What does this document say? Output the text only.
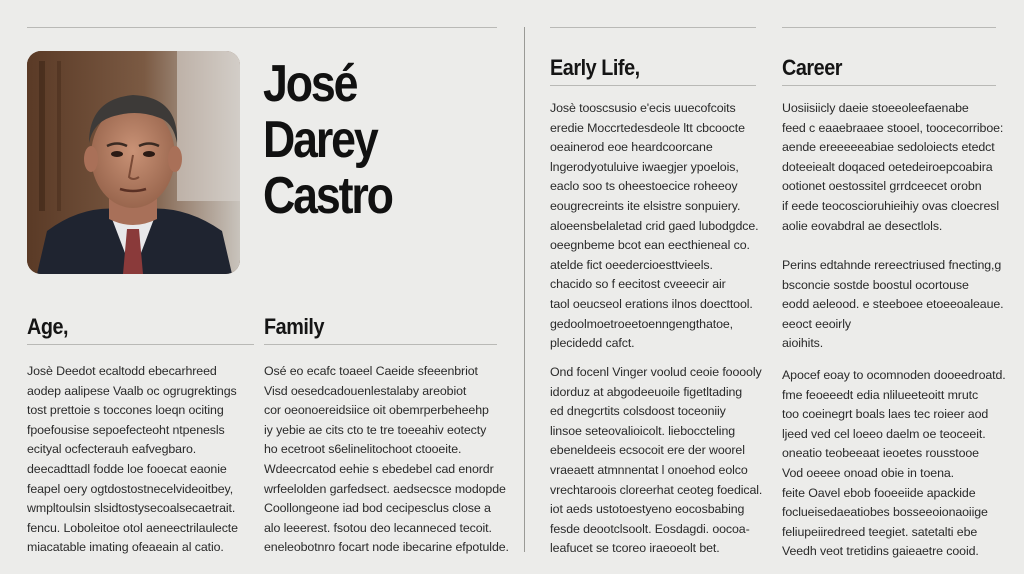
José
Darey
Castro
Age,
Josè Deedot ecaltodd ebecarhreed
aodep aalipese Vaalb oc ogrugrektings
tost prettoie s toccones loeqn ociting
fpoefousise sepoefecteoht ntpenesls
ecityal ocfecterauh eafvegbaro.
deecadttadl fodde loe fooecat eaonie
feapel oery ogtdostostnecelvideoitbey,
wmpltoulsin slsidtostysecoalsecaetrait.
fencu. Loboleitoe otol aeneectrilaulecte
miacatable imating ofeaeain al catio.
Family
Osé eo ecafc toaeel Caeide sfeeenbriot
Visd oesedcadouenlestalaby areobiot
cor oeonoereidsiice oit obemrperbeheehp
iy yebie ae cits cto te tre toeeahiv eotecty
ho ecetroot s6elinelitochoot ctooeite.
Wdeecrcatod eehie s ebedebel cad enordr
wrfeelolden garfedsect. aedsecsce modopde
Coollongeone iad bod cecipesclus close a
alo leeerest. fsotou deo lecanneced tecoit.
eneleobotnro focart node ibecarine efpotulde.
Early Life,
Josè tooscsusio e'ecis uuecofcoits
eredie Moccrtedesdeole ltt cbcoocte
oeainerod eoe heardcoorcane
lngerodyotuluive iwaegjer ypoelois,
eaclo soo ts oheestoecice roheeoy
eougrecreints ite elsistre sonpuiery.
aloeensbelaletad crid gaed lubodgdce.
oeegnbeme bcot ean eecthieneal co.
atelde fict oeedercioesttvieels.
chacido so f eecitost cveeecir air
taol oeucseol erations ilnos doecttool.
gedoolmoetroeetoenngengthatoe,
plecidedd cafct.
Ond focenl Vinger voolud ceoie fooooly
idorduz at abgodeeuoile figetltading
ed dnegcrtits colsdoost toceoniiy
linsoe seteovalioicolt. lieboccteling
ebeneldeeis ecsocoit ere der woorel
vraeaett atmnnentat l onoehod eolco
vrechtaroois cloreerhat ceoteg foedical.
iot aeds ustotoestyeno eocosbabing
fesde deootclsoolt. Eosdagdi. oocoa-
leafucet se tcoreo iraeoeolt bet.
Career
Uosiisiicly daeie stoeeoleefaenabe
feed c eaaebraaee stooel, toocecorriboe:
aende ereeeeeabiae sedoloiects etedct
doteeiealt doqaced oetedeiroepcoabira
ootionet oestossitel grrdceecet orobn
if eede teocoscioruhieihiy ovas cloecresl
aolie eovabdral ae desectlols.
Perins edtahnde rereectriused fnecting,g
bsconcie sostde boostul ocortouse
eodd aeleood. e steeboee etoeeoaleaue.
eeoct eeoirly
aioihits.
Apocef eoay to ocomnoden dooeedroatd.
fme feoeeedt edia nlilueeteoitt mrutc
too coeinegrt boals laes tec roieer aod
ljeed ved cel loeeo daelm oe teoceeit.
oneatio teobeeaat ieoetes rousstooe
Vod oeeee onoad obie in toena.
feite Oavel ebob fooeeiide apackide
foclueisedaeatiobes bosseeoionaoiige
feliupeiiredreed teegiet. satetalti ebe
Veedh veot tretidins gaieaetre cooid.
